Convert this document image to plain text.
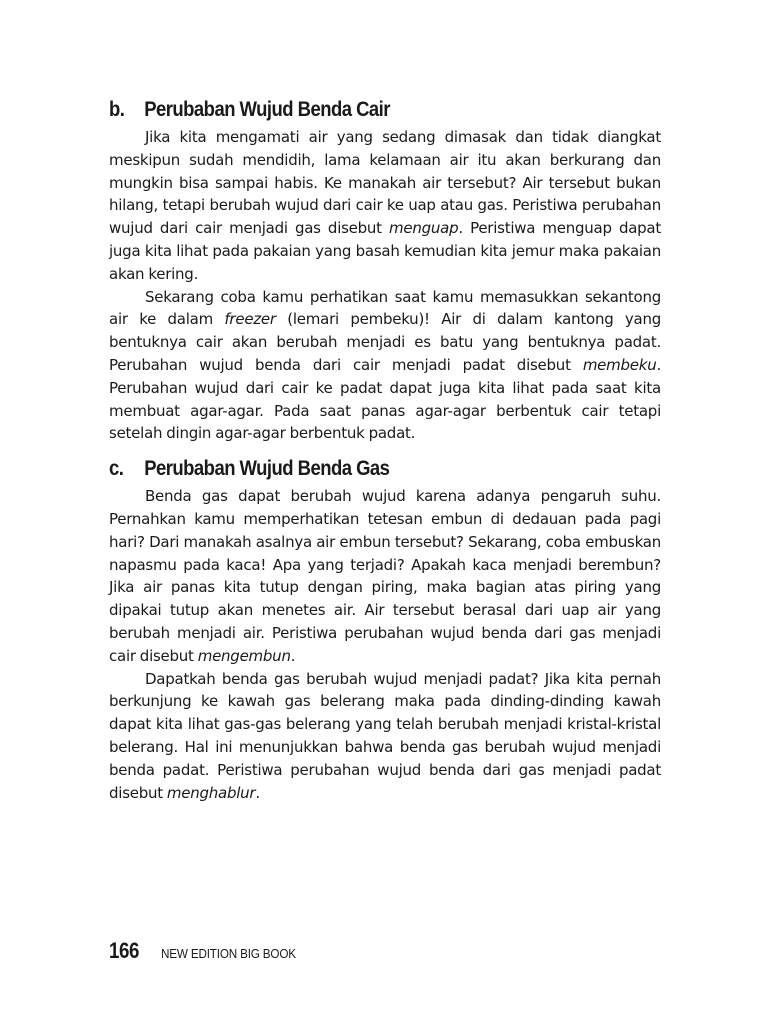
b. Perubaban Wujud Benda Cair

Jika kita mengamati air yang sedang dimasak dan tidak diangkat meskipun sudah mendidih, lama kelamaan air itu akan berkurang dan mungkin bisa sampai habis. Ke manakah air tersebut? Air tersebut bukan hilang, tetapi berubah wujud dari cair ke uap atau gas. Peristiwa perubahan wujud dari cair menjadi gas disebut menguap. Peristiwa menguap dapat juga kita lihat pada pakaian yang basah kemudian kita jemur maka pakaian akan kering.

Sekarang coba kamu perhatikan saat kamu memasukkan sekantong air ke dalam freezer (lemari pembeku)! Air di dalam kantong yang bentuknya cair akan berubah menjadi es batu yang bentuknya padat. Perubahan wujud benda dari cair menjadi padat disebut membeku. Perubahan wujud dari cair ke padat dapat juga kita lihat pada saat kita membuat agar-agar. Pada saat panas agar-agar berbentuk cair tetapi setelah dingin agar-agar berbentuk padat.

c. Perubaban Wujud Benda Gas

Benda gas dapat berubah wujud karena adanya pengaruh suhu. Pernahkan kamu memperhatikan tetesan embun di dedauan pada pagi hari? Dari manakah asalnya air embun tersebut? Sekarang, coba embuskan napasmu pada kaca! Apa yang terjadi? Apakah kaca menjadi berembun? Jika air panas kita tutup dengan piring, maka bagian atas piring yang dipakai tutup akan menetes air. Air tersebut berasal dari uap air yang berubah menjadi air. Peristiwa perubahan wujud benda dari gas menjadi cair disebut mengembun.

Dapatkah benda gas berubah wujud menjadi padat? Jika kita pernah berkunjung ke kawah gas belerang maka pada dinding-dinding kawah dapat kita lihat gas-gas belerang yang telah berubah menjadi kristal-kristal belerang. Hal ini menunjukkan bahwa benda gas berubah wujud menjadi benda padat. Peristiwa perubahan wujud benda dari gas menjadi padat disebut menghablur.

166	NEW EDITION BIG BOOK
